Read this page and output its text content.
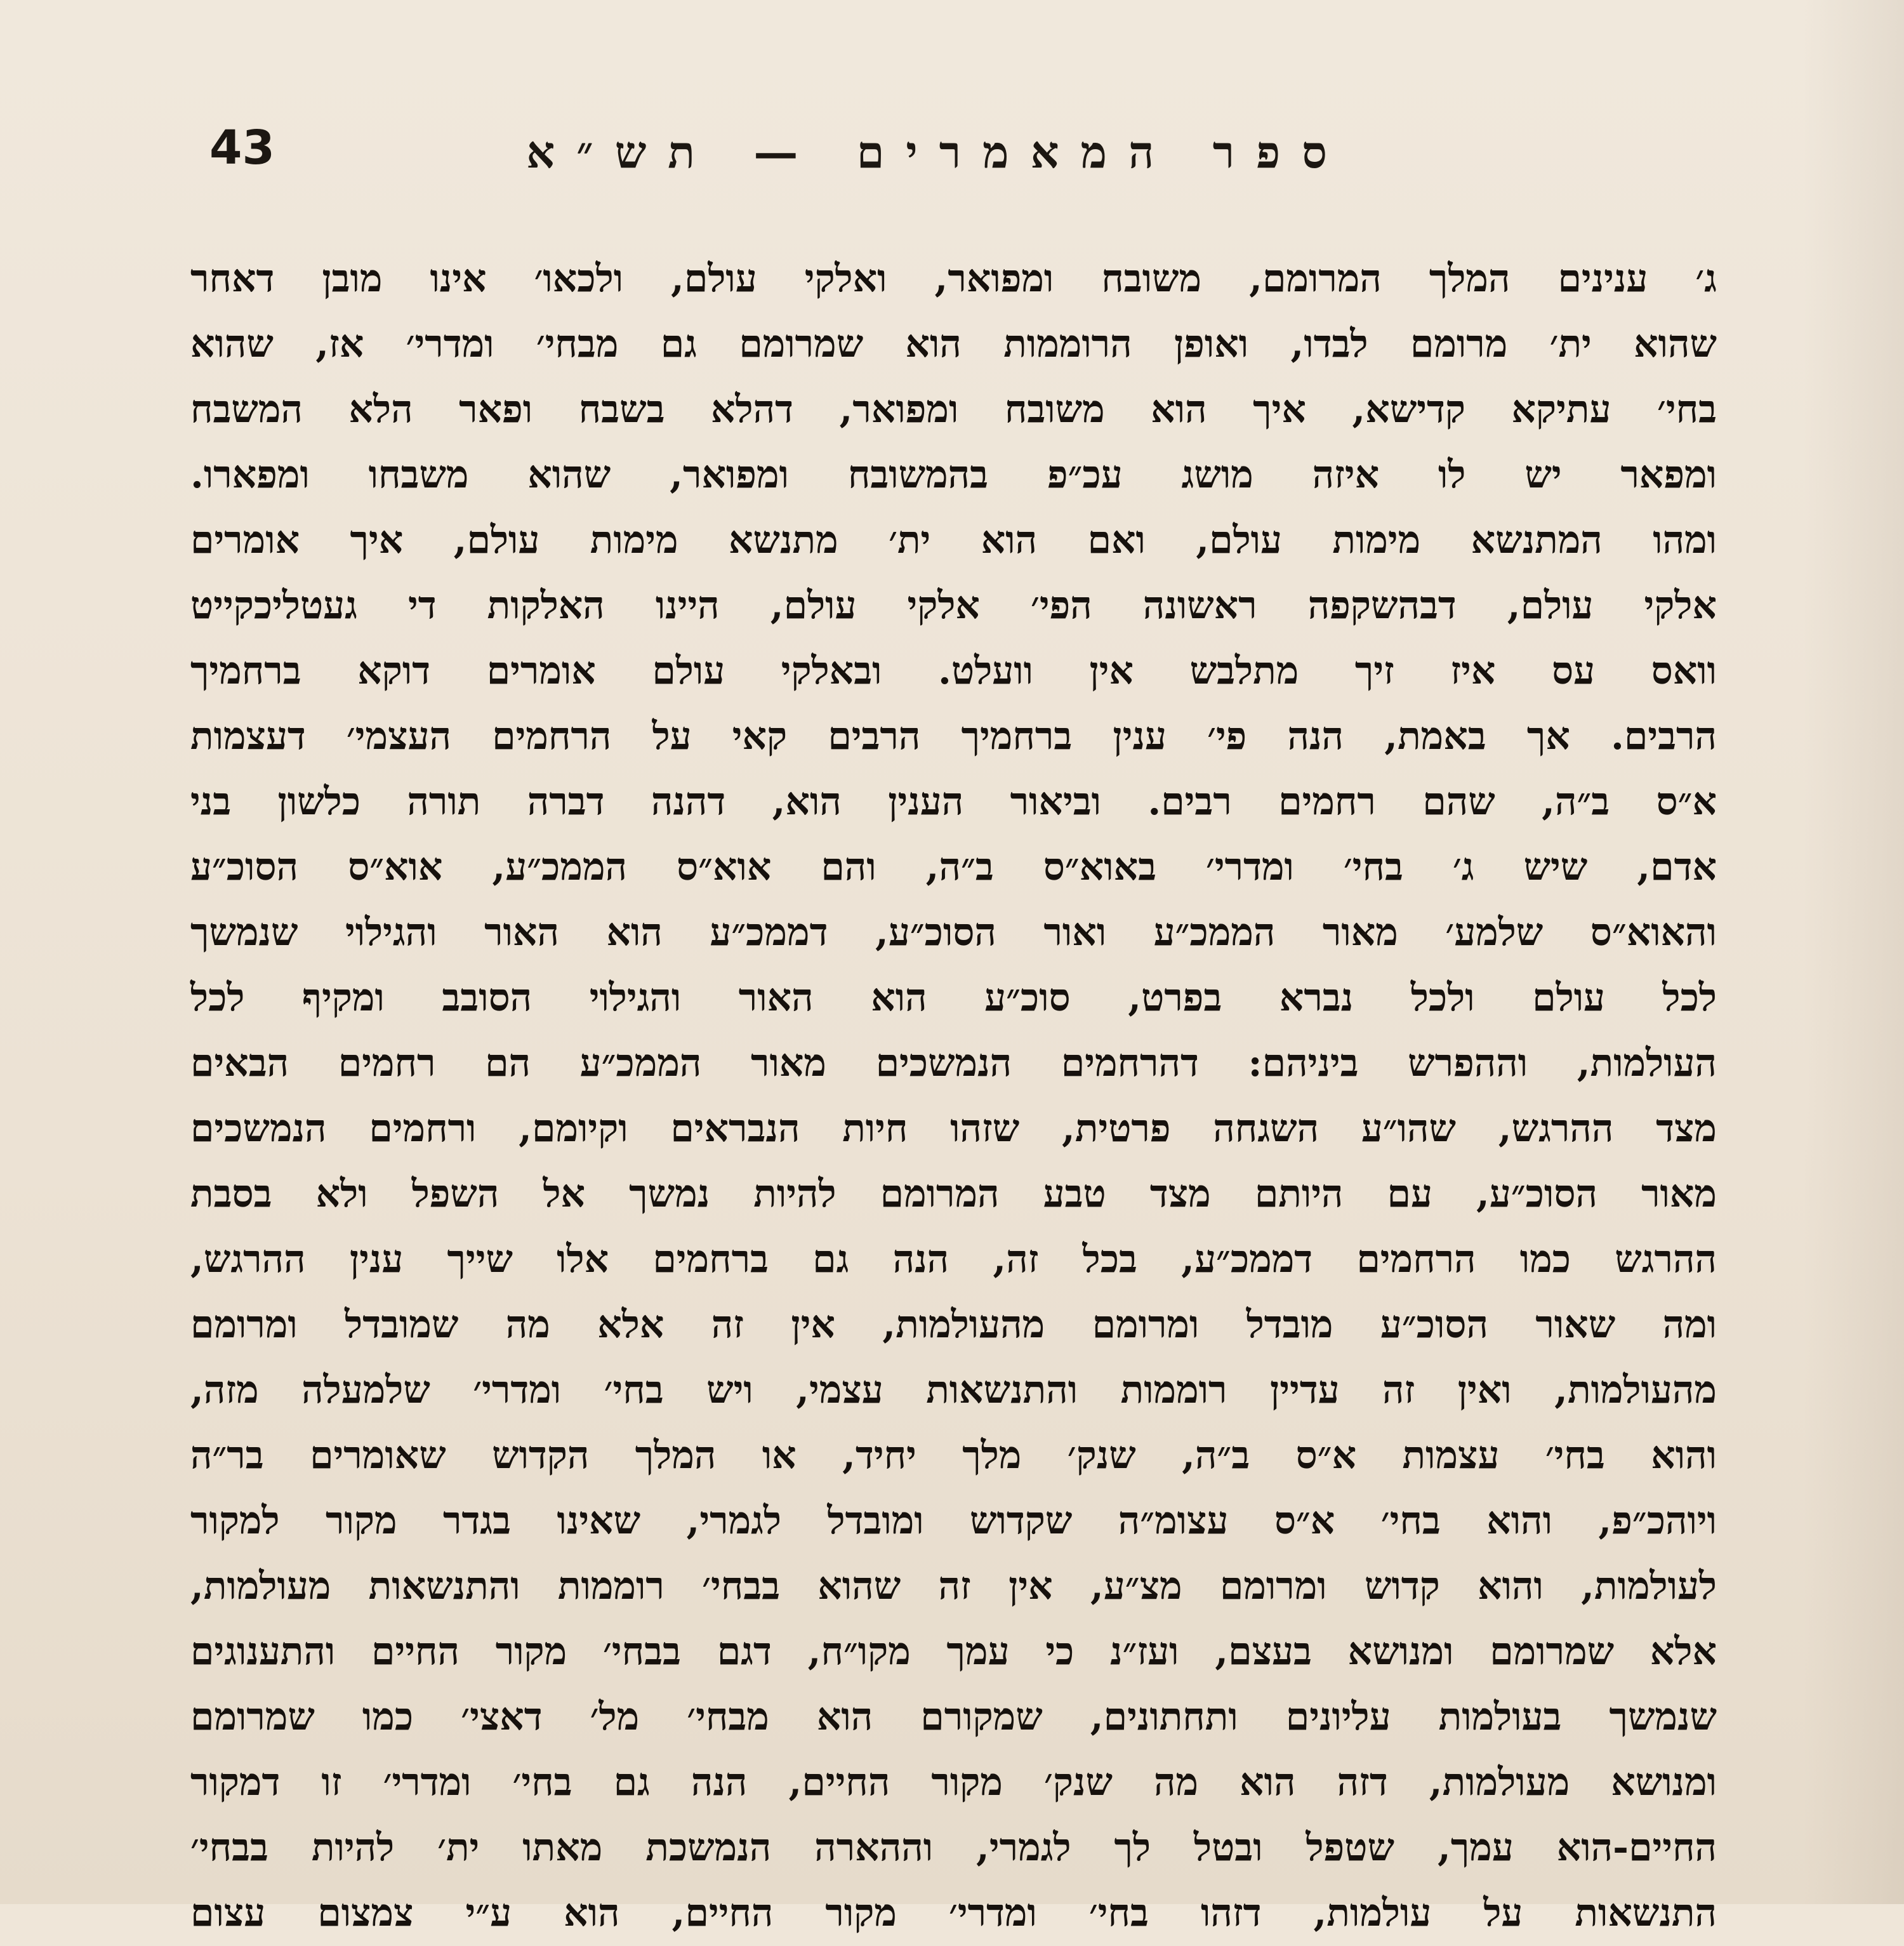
43	ספר המאמרים — תש״א
ג׳ ענינים המלך המרומם, משובח ומפואר, ואלקי עולם, ולכאו׳ אינו מובן דאחר
שהוא ית׳ מרומם לבדו, ואופן הרוממות הוא שמרומם גם מבחי׳ ומדרי׳ אז, שהוא
בחי׳ עתיקא קדישא, איך הוא משובח ומפואר, דהלא בשבח ופאר הלא המשבח
ומפאר יש לו איזה מושג עכ״פ בהמשובח ומפואר, שהוא משבחו ומפארו.
ומהו המתנשא מימות עולם, ואם הוא ית׳ מתנשא מימות עולם, איך אומרים
אלקי עולם, דבהשקפה ראשונה הפי׳ אלקי עולם, היינו האלקות די געטליכקייט
וואס עס איז זיך מתלבש אין וועלט. ובאלקי עולם אומרים דוקא ברחמיך
הרבים. אך באמת, הנה פי׳ ענין ברחמיך הרבים קאי על הרחמים העצמי׳ דעצמות
א״ס ב״ה, שהם רחמים רבים. וביאור הענין הוא, דהנה דברה תורה כלשון בני
אדם, שיש ג׳ בחי׳ ומדרי׳ באוא״ס ב״ה, והם אוא״ס הממכ״ע, אוא״ס הסוכ״ע
והאוא״ס שלמע׳ מאור הממכ״ע ואור הסוכ״ע, דממכ״ע הוא האור והגילוי שנמשך
לכל עולם ולכל נברא בפרט, סוכ״ע הוא האור והגילוי הסובב ומקיף לכל
העולמות, וההפרש ביניהם: דהרחמים הנמשכים מאור הממכ״ע הם רחמים הבאים
מצד ההרגש, שהו״ע השגחה פרטית, שזהו חיות הנבראים וקיומם, ורחמים הנמשכים
מאור הסוכ״ע, עם היותם מצד טבע המרומם להיות נמשך אל השפל ולא בסבת
ההרגש כמו הרחמים דממכ״ע, בכל זה, הנה גם ברחמים אלו שייך ענין ההרגש,
ומה שאור הסוכ״ע מובדל ומרומם מהעולמות, אין זה אלא מה שמובדל ומרומם
מהעולמות, ואין זה עדיין רוממות והתנשאות עצמי, ויש בחי׳ ומדרי׳ שלמעלה מזה,
והוא בחי׳ עצמות א״ס ב״ה, שנק׳ מלך יחיד, או המלך הקדוש שאומרים בר״ה
ויוהכ״פ, והוא בחי׳ א״ס עצומ״ה שקדוש ומובדל לגמרי, שאינו בגדר מקור למקור
לעולמות, והוא קדוש ומרומם מצ״ע, אין זה שהוא בבחי׳ רוממות והתנשאות מעולמות,
אלא שמרומם ומנושא בעצם, ועז״נ כי עמך מקו״ח, דגם בבחי׳ מקור החיים והתענוגים
שנמשך בעולמות עליונים ותחתונים, שמקורם הוא מבחי׳ מל׳ דאצי׳ כמו שמרומם
ומנושא מעולמות, דזה הוא מה שנק׳ מקור החיים, הנה גם בחי׳ ומדרי׳ זו דמקור
החיים-הוא עמך, שטפל ובטל לך לגמרי, וההארה הנמשכת מאתו ית׳ להיות בבחי׳
התנשאות על עולמות, דזהו בחי׳ ומדרי׳ מקור החיים, הוא ע״י צמצום עצום
